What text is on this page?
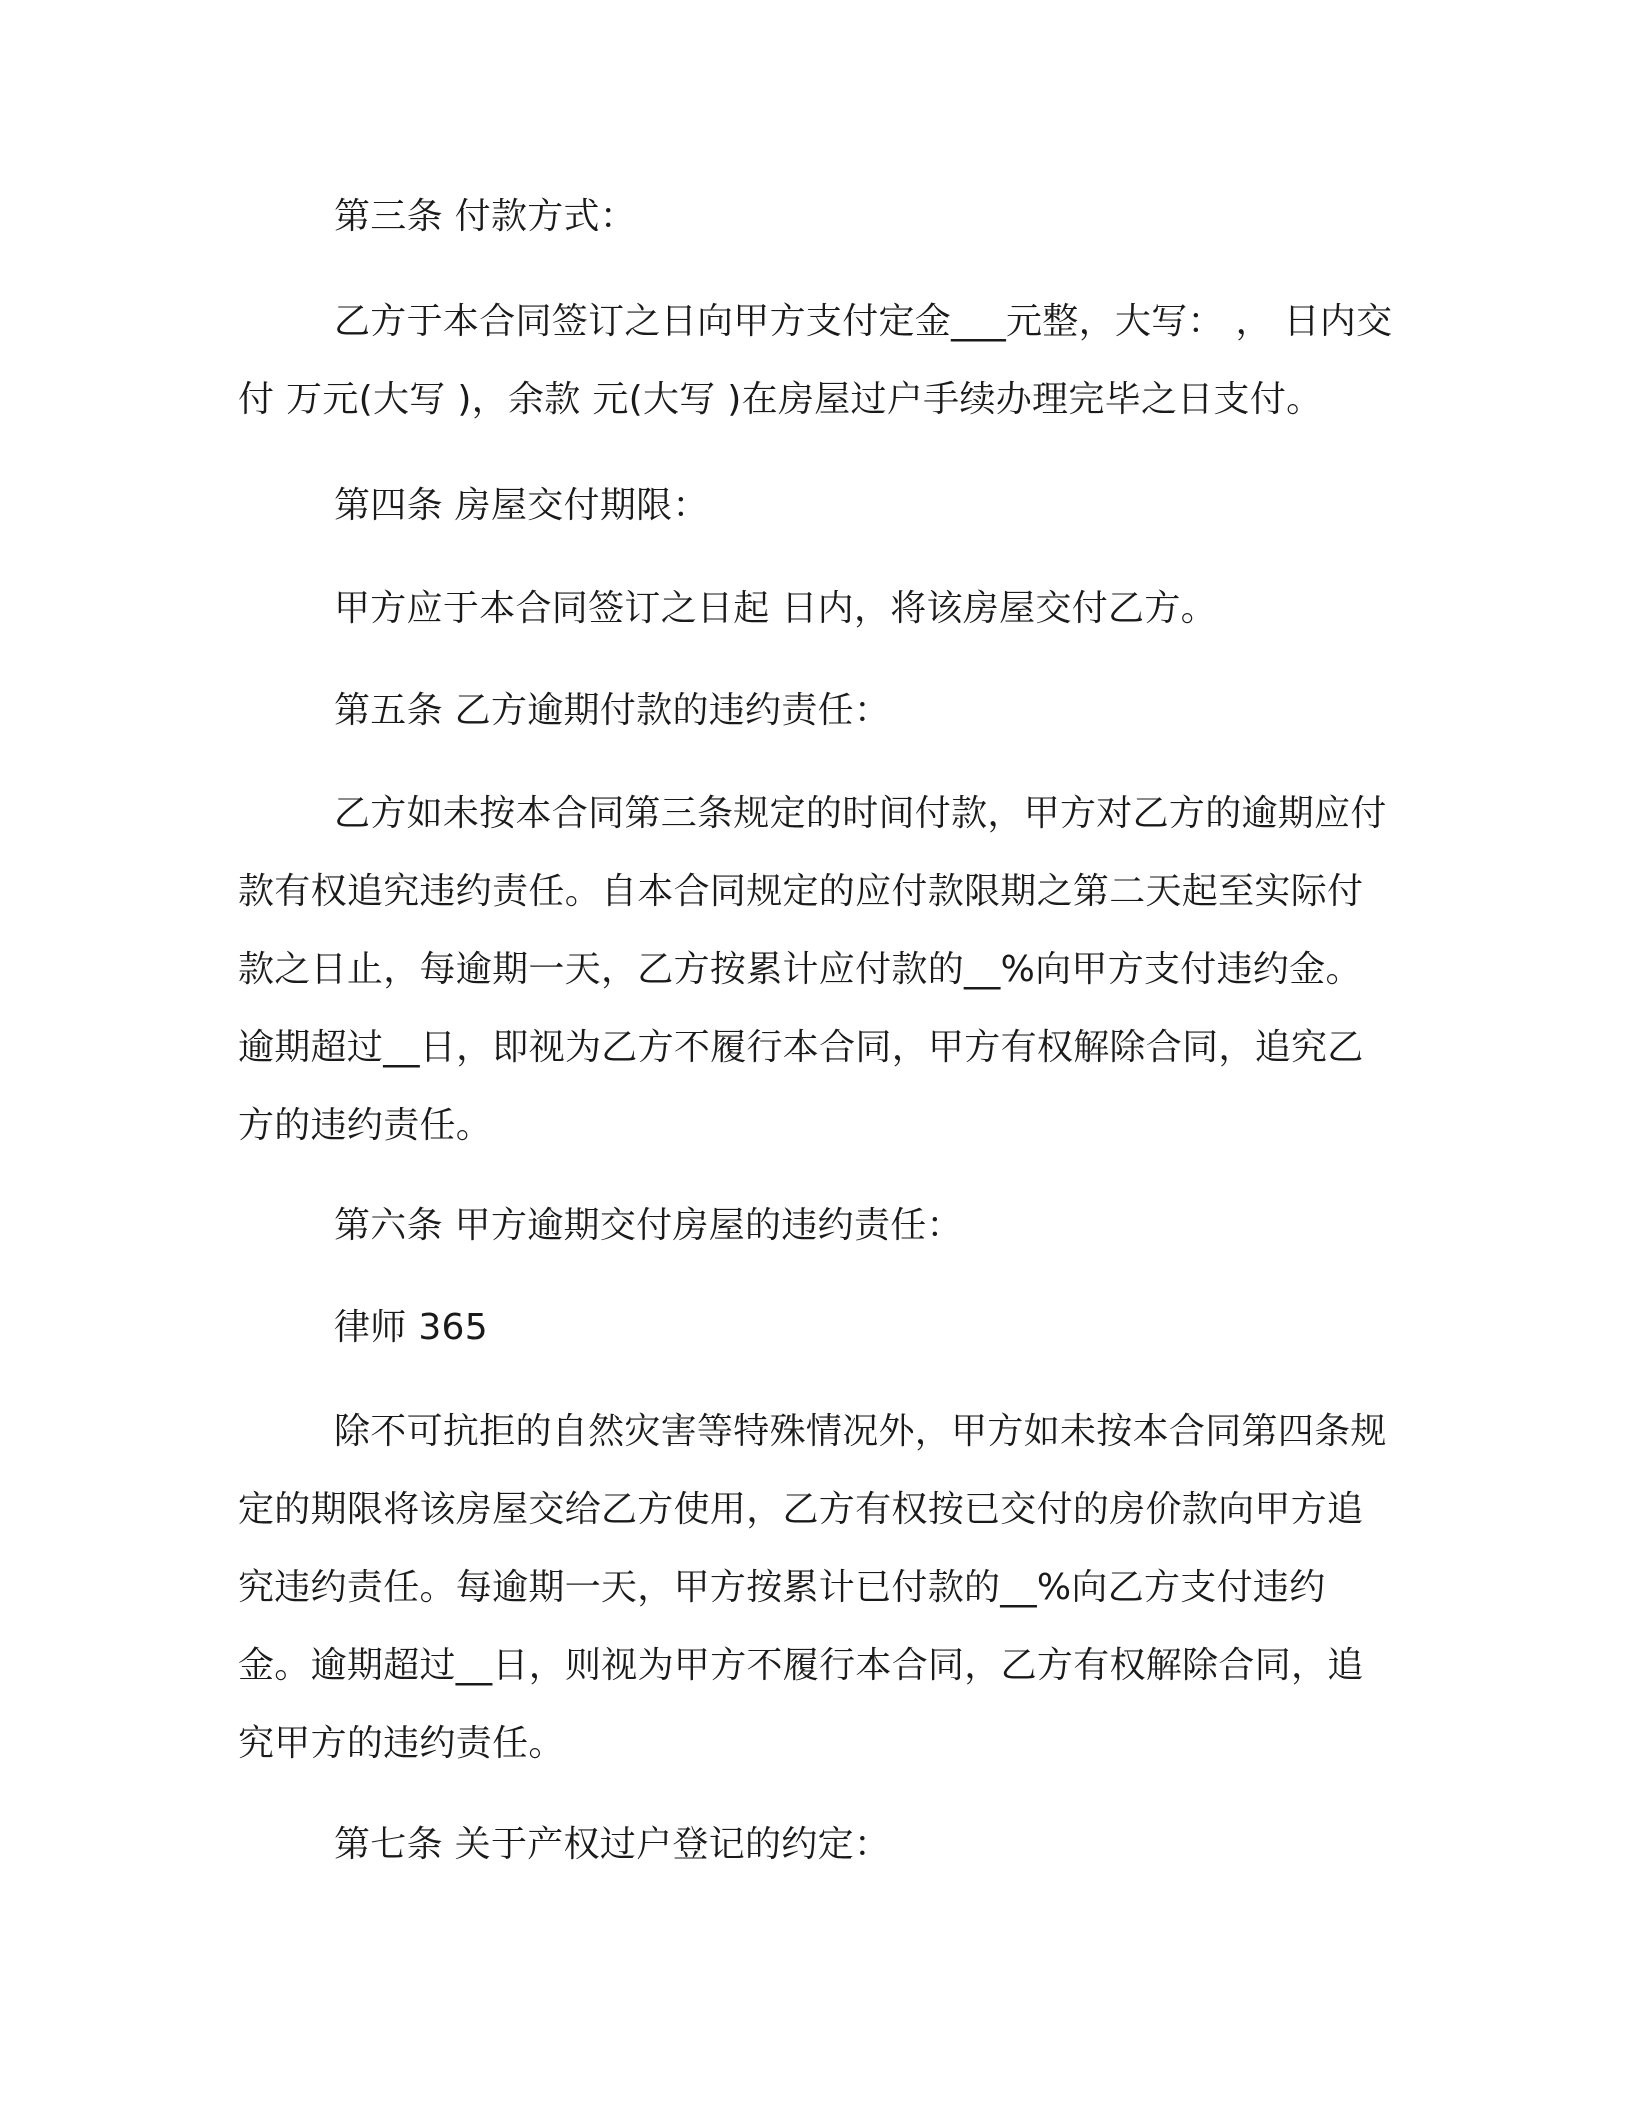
第三条 付款方式：

乙方于本合同签订之日向甲方支付定金___元整，大写： ， 日内交付 万元(大写 )，余款 元(大写 )在房屋过户手续办理完毕之日支付。

第四条 房屋交付期限：

甲方应于本合同签订之日起 日内，将该房屋交付乙方。

第五条 乙方逾期付款的违约责任：

乙方如未按本合同第三条规定的时间付款，甲方对乙方的逾期应付款有权追究违约责任。自本合同规定的应付款限期之第二天起至实际付款之日止，每逾期一天，乙方按累计应付款的__%向甲方支付违约金。逾期超过__日，即视为乙方不履行本合同，甲方有权解除合同，追究乙方的违约责任。

第六条 甲方逾期交付房屋的违约责任：

律师 365

除不可抗拒的自然灾害等特殊情况外，甲方如未按本合同第四条规定的期限将该房屋交给乙方使用，乙方有权按已交付的房价款向甲方追究违约责任。每逾期一天，甲方按累计已付款的__%向乙方支付违约金。逾期超过__日，则视为甲方不履行本合同，乙方有权解除合同，追究甲方的违约责任。

第七条 关于产权过户登记的约定：
